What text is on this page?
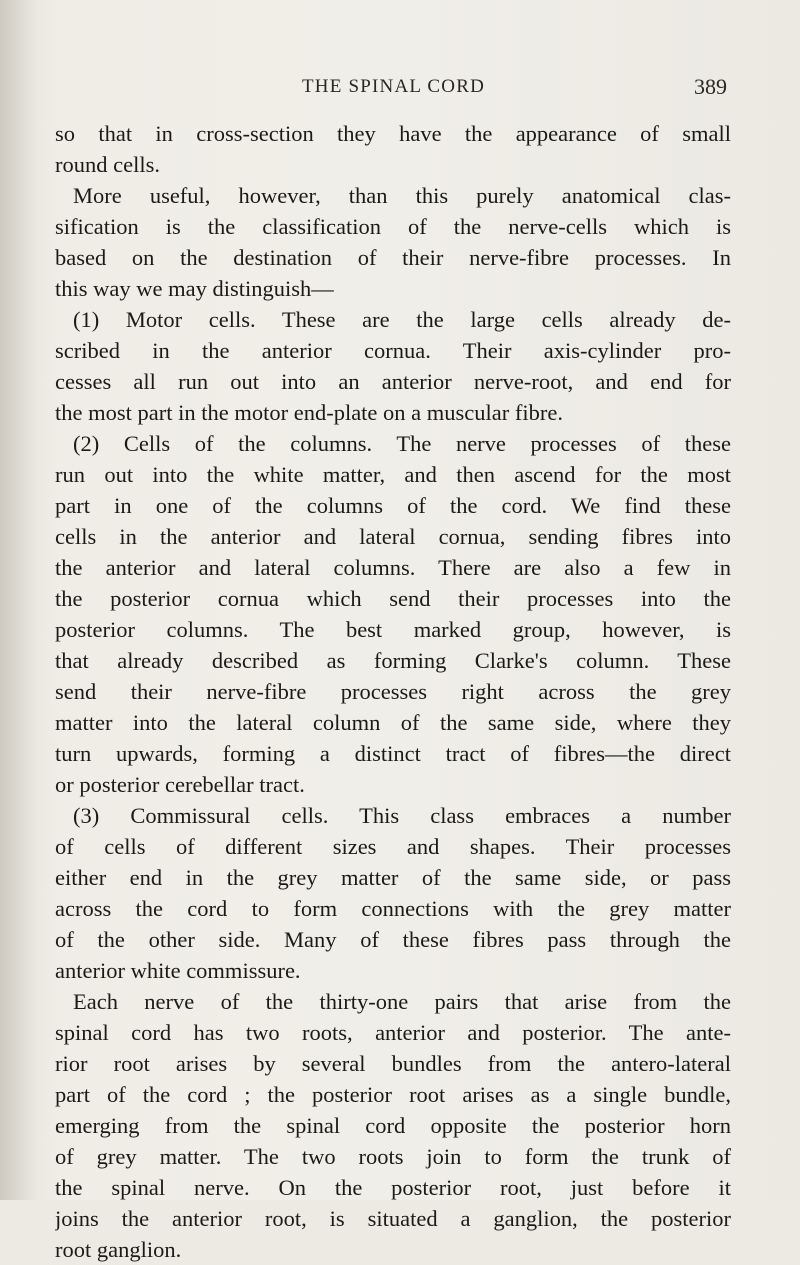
THE SPINAL CORD	389
so that in cross-section they have the appearance of small
round cells.
More useful, however, than this purely anatomical clas-
sification is the classification of the nerve-cells which is
based on the destination of their nerve-fibre processes. In
this way we may distinguish—
(1) Motor cells. These are the large cells already de-
scribed in the anterior cornua. Their axis-cylinder pro-
cesses all run out into an anterior nerve-root, and end for
the most part in the motor end-plate on a muscular fibre.
(2) Cells of the columns. The nerve processes of these
run out into the white matter, and then ascend for the most
part in one of the columns of the cord. We find these
cells in the anterior and lateral cornua, sending fibres into
the anterior and lateral columns. There are also a few in
the posterior cornua which send their processes into the
posterior columns. The best marked group, however, is
that already described as forming Clarke's column. These
send their nerve-fibre processes right across the grey
matter into the lateral column of the same side, where they
turn upwards, forming a distinct tract of fibres—the direct
or posterior cerebellar tract.
(3) Commissural cells. This class embraces a number
of cells of different sizes and shapes. Their processes
either end in the grey matter of the same side, or pass
across the cord to form connections with the grey matter
of the other side. Many of these fibres pass through the
anterior white commissure.
Each nerve of the thirty-one pairs that arise from the
spinal cord has two roots, anterior and posterior. The ante-
rior root arises by several bundles from the antero-lateral
part of the cord ; the posterior root arises as a single bundle,
emerging from the spinal cord opposite the posterior horn
of grey matter. The two roots join to form the trunk of
the spinal nerve. On the posterior root, just before it
joins the anterior root, is situated a ganglion, the posterior
root ganglion.
